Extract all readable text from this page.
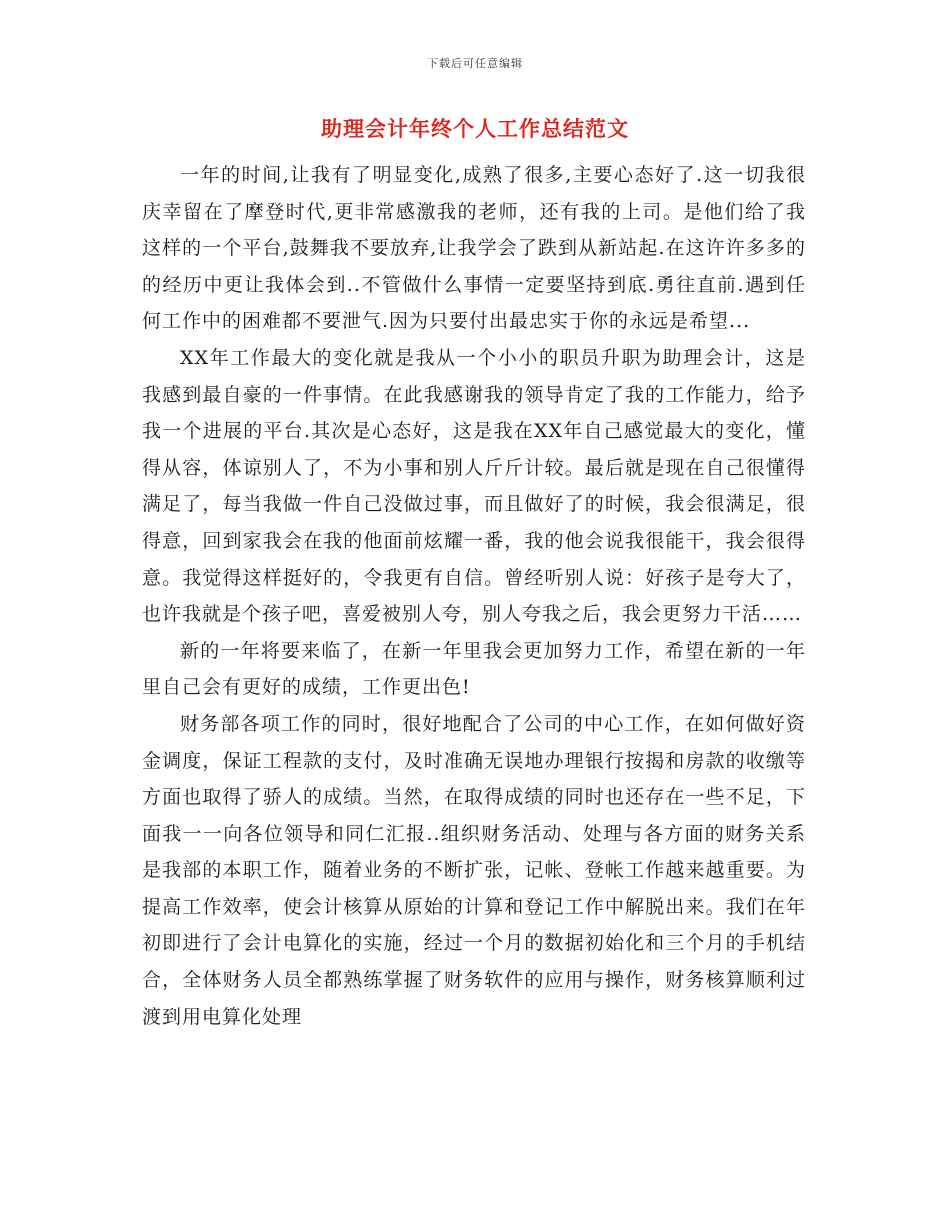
下载后可任意编辑
助理会计年终个人工作总结范文

一年的时间,让我有了明显变化,成熟了很多,主要心态好了.这一切我很庆幸留在了摩登时代,更非常感激我的老师，还有我的上司。是他们给了我这样的一个平台,鼓舞我不要放弃,让我学会了跌到从新站起.在这许许多多的的经历中更让我体会到..不管做什么事情一定要坚持到底.勇往直前.遇到任何工作中的困难都不要泄气.因为只要付出最忠实于你的永远是希望...

XX年工作最大的变化就是我从一个小小的职员升职为助理会计，这是我感到最自豪的一件事情。在此我感谢我的领导肯定了我的工作能力，给予我一个进展的平台.其次是心态好，这是我在XX年自己感觉最大的变化，懂得从容，体谅别人了，不为小事和别人斤斤计较。最后就是现在自己很懂得满足了，每当我做一件自己没做过事，而且做好了的时候，我会很满足，很得意，回到家我会在我的他面前炫耀一番，我的他会说我很能干，我会很得意。我觉得这样挺好的，令我更有自信。曾经听别人说：好孩子是夸大了，也许我就是个孩子吧，喜爱被别人夸，别人夸我之后，我会更努力干活……

新的一年将要来临了，在新一年里我会更加努力工作，希望在新的一年里自己会有更好的成绩，工作更出色!

财务部各项工作的同时，很好地配合了公司的中心工作，在如何做好资金调度，保证工程款的支付，及时准确无误地办理银行按揭和房款的收缴等方面也取得了骄人的成绩。当然，在取得成绩的同时也还存在一些不足，下面我一一向各位领导和同仁汇报..组织财务活动、处理与各方面的财务关系是我部的本职工作，随着业务的不断扩张，记帐、登帐工作越来越重要。为提高工作效率，使会计核算从原始的计算和登记工作中解脱出来。我们在年初即进行了会计电算化的实施，经过一个月的数据初始化和三个月的手机结合，全体财务人员全都熟练掌握了财务软件的应用与操作，财务核算顺利过渡到用电算化处理
